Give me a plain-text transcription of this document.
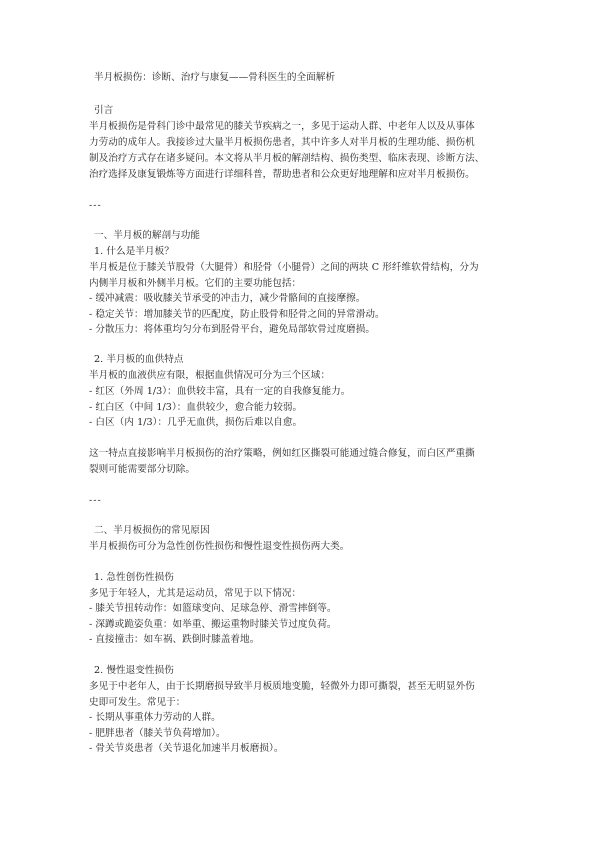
半月板损伤：诊断、治疗与康复——骨科医生的全面解析
引言
半月板损伤是骨科门诊中最常见的膝关节疾病之一，多见于运动人群、中老年人以及从事体
力劳动的成年人。我接诊过大量半月板损伤患者，其中许多人对半月板的生理功能、损伤机
制及治疗方式存在诸多疑问。本文将从半月板的解剖结构、损伤类型、临床表现、诊断方法、
治疗选择及康复锻炼等方面进行详细科普，帮助患者和公众更好地理解和应对半月板损伤。
---
一、半月板的解剖与功能
1. 什么是半月板？
半月板是位于膝关节股骨（大腿骨）和胫骨（小腿骨）之间的两块 C 形纤维软骨结构，分为
内侧半月板和外侧半月板。它们的主要功能包括：
- 缓冲减震：吸收膝关节承受的冲击力，减少骨骼间的直接摩擦。
- 稳定关节：增加膝关节的匹配度，防止股骨和胫骨之间的异常滑动。
- 分散压力：将体重均匀分布到胫骨平台，避免局部软骨过度磨损。
2. 半月板的血供特点
半月板的血液供应有限，根据血供情况可分为三个区域：
- 红区（外周 1/3）：血供较丰富，具有一定的自我修复能力。
- 红白区（中间 1/3）：血供较少，愈合能力较弱。
- 白区（内 1/3）：几乎无血供，损伤后难以自愈。
这一特点直接影响半月板损伤的治疗策略，例如红区撕裂可能通过缝合修复，而白区严重撕
裂则可能需要部分切除。
---
二、半月板损伤的常见原因
半月板损伤可分为急性创伤性损伤和慢性退变性损伤两大类。
1. 急性创伤性损伤
多见于年轻人，尤其是运动员，常见于以下情况：
- 膝关节扭转动作：如篮球变向、足球急停、滑雪摔倒等。
- 深蹲或跪姿负重：如举重、搬运重物时膝关节过度负荷。
- 直接撞击：如车祸、跌倒时膝盖着地。
2. 慢性退变性损伤
多见于中老年人，由于长期磨损导致半月板质地变脆，轻微外力即可撕裂，甚至无明显外伤
史即可发生。常见于：
- 长期从事重体力劳动的人群。
- 肥胖患者（膝关节负荷增加）。
- 骨关节炎患者（关节退化加速半月板磨损）。
